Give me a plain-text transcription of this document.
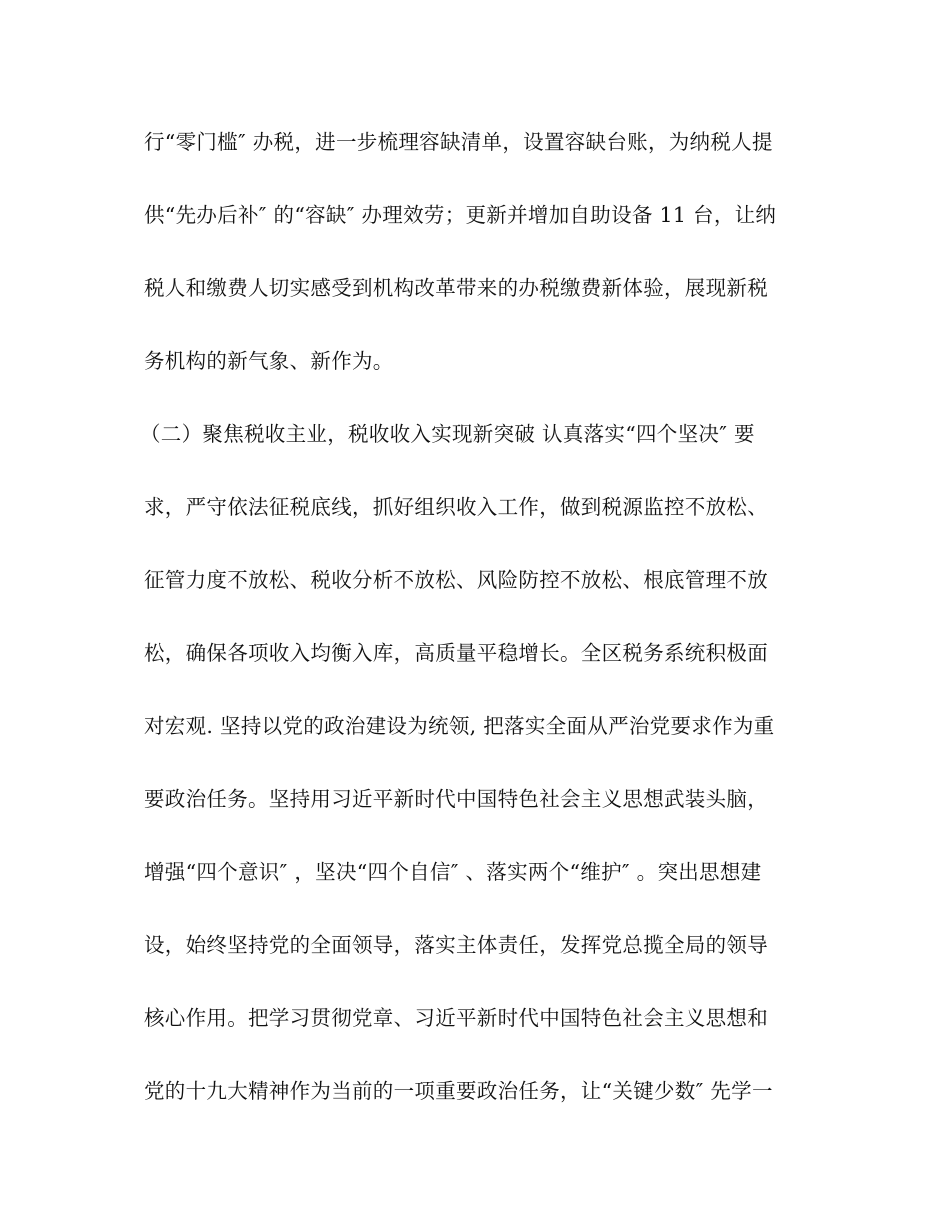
行“零门槛″ 办税，进一步梳理容缺清单，设置容缺台账，为纳税人提
供“先办后补″ 的“容缺″ 办理效劳；更新并增加自助设备 11 台，让纳
税人和缴费人切实感受到机构改革带来的办税缴费新体验，展现新税
务机构的新气象、新作为。
（二）聚焦税收主业，税收收入实现新突破 认真落实“四个坚决″ 要
求，严守依法征税底线，抓好组织收入工作，做到税源监控不放松、
征管力度不放松、税收分析不放松、风险防控不放松、根底管理不放
松，确保各项收入均衡入库，高质量平稳增长。全区税务系统积极面
对宏观. 坚持以党的政治建设为统领, 把落实全面从严治党要求作为重
要政治任务。坚持用习近平新时代中国特色社会主义思想武装头脑，
增强“四个意识″ ，坚决“四个自信″ 、落实两个“维护″ 。突出思想建
设，始终坚持党的全面领导，落实主体责任，发挥党总揽全局的领导
核心作用。把学习贯彻党章、习近平新时代中国特色社会主义思想和
党的十九大精神作为当前的一项重要政治任务，让“关键少数″ 先学一
